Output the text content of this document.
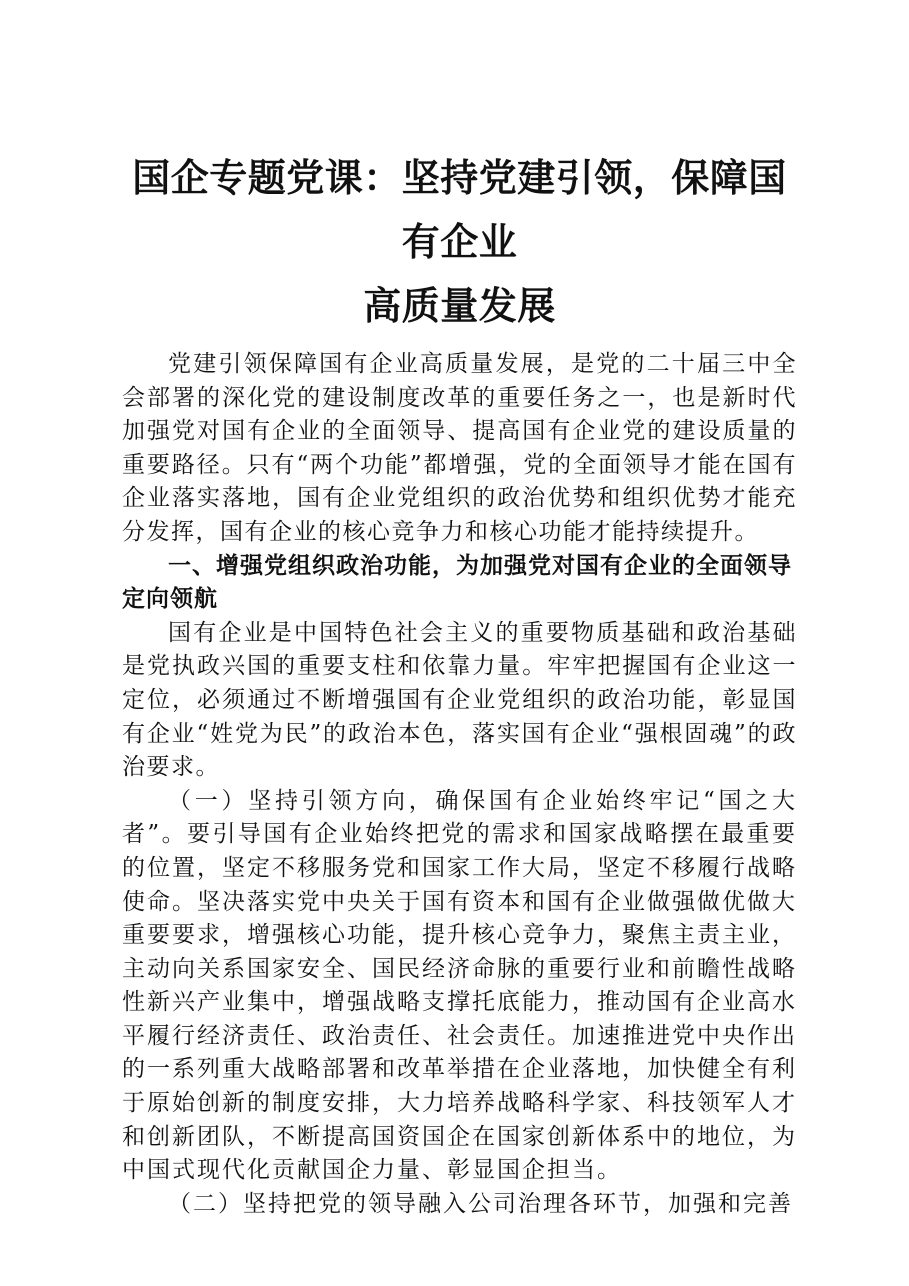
国企专题党课：坚持党建引领，保障国有企业
高质量发展

党建引领保障国有企业高质量发展，是党的二十届三中全会部署的深化党的建设制度改革的重要任务之一，也是新时代加强党对国有企业的全面领导、提高国有企业党的建设质量的重要路径。只有“两个功能”都增强，党的全面领导才能在国有企业落实落地，国有企业党组织的政治优势和组织优势才能充分发挥，国有企业的核心竞争力和核心功能才能持续提升。

一、增强党组织政治功能，为加强党对国有企业的全面领导定向领航

国有企业是中国特色社会主义的重要物质基础和政治基础是党执政兴国的重要支柱和依靠力量。牢牢把握国有企业这一定位，必须通过不断增强国有企业党组织的政治功能，彰显国有企业“姓党为民”的政治本色，落实国有企业“强根固魂”的政治要求。

（一）坚持引领方向，确保国有企业始终牢记“国之大者”。要引导国有企业始终把党的需求和国家战略摆在最重要的位置，坚定不移服务党和国家工作大局，坚定不移履行战略使命。坚决落实党中央关于国有资本和国有企业做强做优做大重要要求，增强核心功能，提升核心竞争力，聚焦主责主业，主动向关系国家安全、国民经济命脉的重要行业和前瞻性战略性新兴产业集中，增强战略支撑托底能力，推动国有企业高水平履行经济责任、政治责任、社会责任。加速推进党中央作出的一系列重大战略部署和改革举措在企业落地，加快健全有利于原始创新的制度安排，大力培养战略科学家、科技领军人才和创新团队，不断提高国资国企在国家创新体系中的地位，为中国式现代化贡献国企力量、彰显国企担当。

（二）坚持把党的领导融入公司治理各环节，加强和完善
